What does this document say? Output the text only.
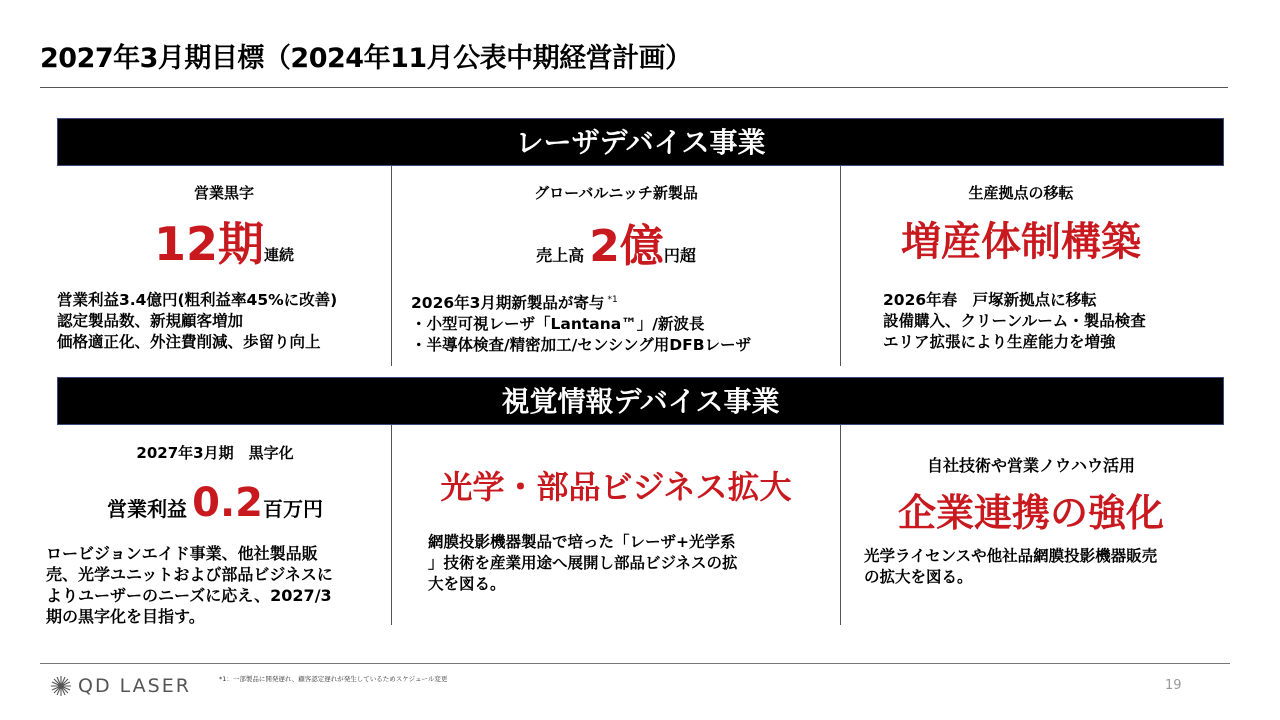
2027年3月期目標（2024年11月公表中期経営計画）
レーザデバイス事業
営業黒字
12期連続
営業利益3.4億円(粗利益率45%に改善)
認定製品数、新規顧客増加
価格適正化、外注費削減、歩留り向上
グローバルニッチ新製品
売上高 2億円超
2026年3月期新製品が寄与 $^{*1}$
・小型可視レーザ「Lantana™」/新波長
・半導体検査/精密加工/センシング用DFBレーザ
生産拠点の移転
増産体制構築
2026年春　戸塚新拠点に移転
設備購入、クリーンルーム・製品検査
エリア拡張により生産能力を増強
視覚情報デバイス事業
2027年3月期　黒字化
営業利益 0.2百万円
ロービジョンエイド事業、他社製品販
売、光学ユニットおよび部品ビジネスに
よりユーザーのニーズに応え、2027/3
期の黒字化を目指す。
光学・部品ビジネス拡大
網膜投影機器製品で培った「レーザ+光学系
」技術を産業用途へ展開し部品ビジネスの拡
大を図る。
自社技術や営業ノウハウ活用
企業連携の強化
光学ライセンスや他社品網膜投影機器販売
の拡大を図る。
QD LASER	*1：一部製品に開発遅れ、顧客認定遅れが発生しているためスケジュール変更	19
